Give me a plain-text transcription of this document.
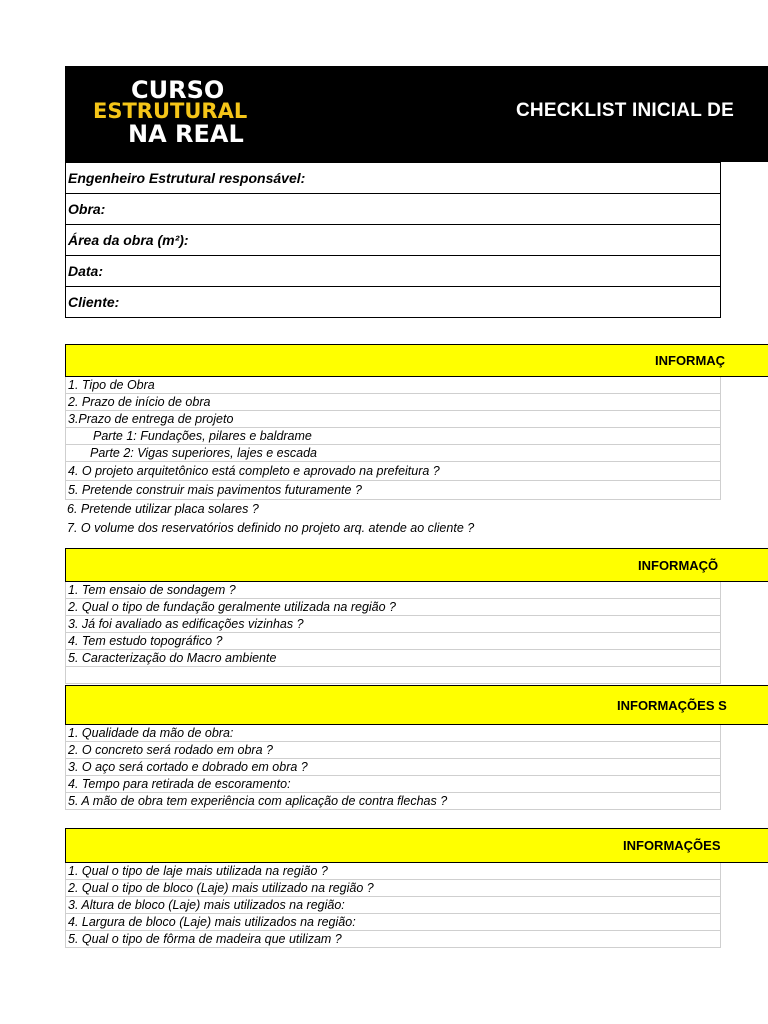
CURSO
ESTRUTURAL
NA REAL
CHECKLIST INICIAL DE
Engenheiro Estrutural responsável:
Obra:
Área da obra (m²):
Data:
Cliente:
INFORMAÇ
1. Tipo de Obra
2. Prazo de início de obra
3.Prazo de entrega de projeto
Parte 1: Fundações, pilares e baldrame
Parte 2: Vigas superiores, lajes e escada
4. O projeto arquitetônico está completo e aprovado na prefeitura ?
5. Pretende construir mais pavimentos futuramente ?
6. Pretende utilizar placa solares ?
7. O volume dos reservatórios definido no projeto arq. atende ao cliente ?
INFORMAÇÕ
1. Tem ensaio de sondagem ?
2. Qual o tipo de fundação geralmente utilizada na região ?
3. Já foi avaliado as edificações vizinhas ?
4. Tem estudo topográfico ?
5. Caracterização do Macro ambiente
INFORMAÇÕES S
1. Qualidade da mão de obra:
2. O concreto será rodado em obra ?
3. O aço será cortado e dobrado em obra ?
4. Tempo para retirada de escoramento:
5. A mão de obra tem experiência com aplicação de contra flechas ?
INFORMAÇÕES
1. Qual o tipo de laje mais utilizada na região ?
2. Qual o tipo de bloco (Laje) mais utilizado na região ?
3. Altura de bloco (Laje) mais utilizados na região:
4. Largura de bloco (Laje) mais utilizados na região:
5. Qual o tipo de fôrma de madeira que utilizam ?
